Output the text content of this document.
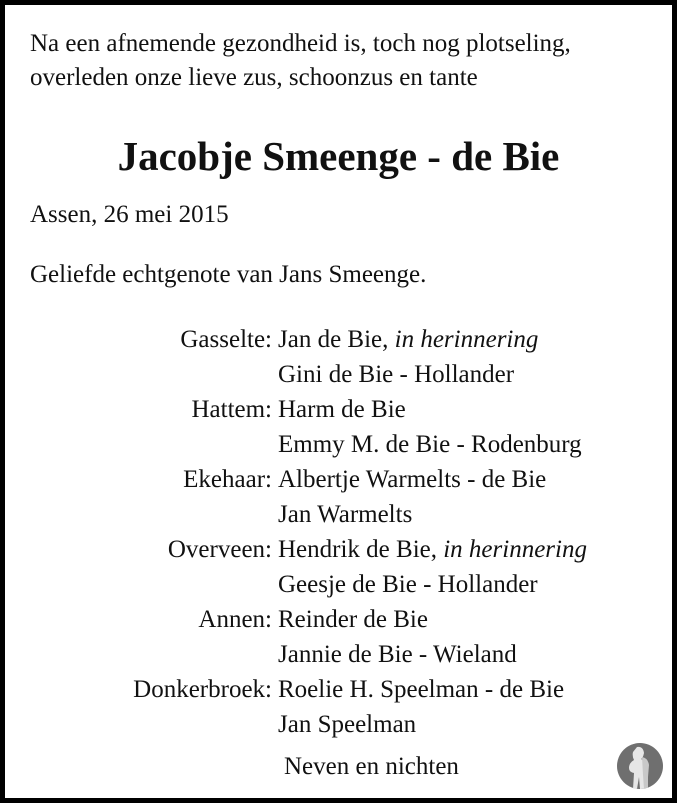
Na een afnemende gezondheid is, toch nog plotseling,
overleden onze lieve zus, schoonzus en tante
Jacobje Smeenge - de Bie
Assen, 26 mei 2015
Geliefde echtgenote van Jans Smeenge.
Gasselte: Jan de Bie, in herinnering
Gini de Bie - Hollander
Hattem: Harm de Bie
Emmy M. de Bie - Rodenburg
Ekehaar: Albertje Warmelts - de Bie
Jan Warmelts
Overveen: Hendrik de Bie, in herinnering
Geesje de Bie - Hollander
Annen: Reinder de Bie
Jannie de Bie - Wieland
Donkerbroek: Roelie H. Speelman - de Bie
Jan Speelman
Neven en nichten
